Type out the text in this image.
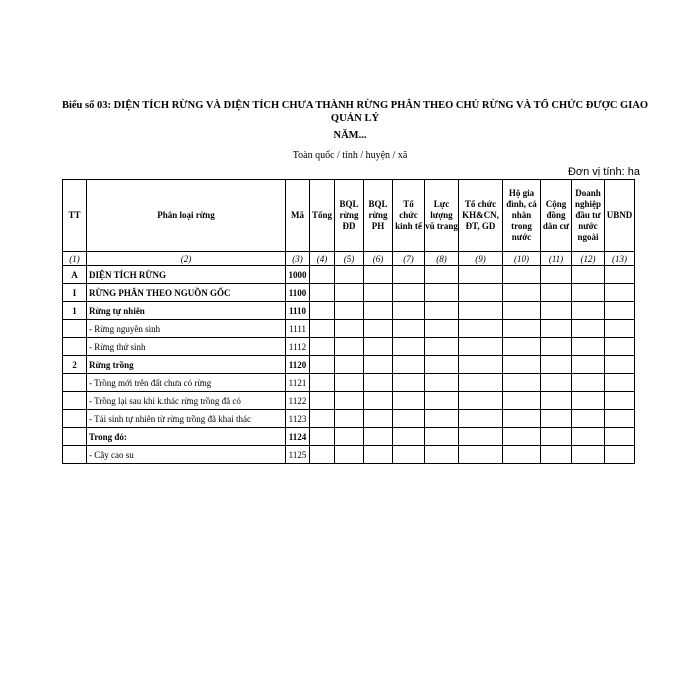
Biểu số 03: DIỆN TÍCH RỪNG VÀ DIỆN TÍCH CHƯA THÀNH RỪNG PHÂN THEO CHỦ RỪNG VÀ TỔ CHỨC ĐƯỢC GIAO QUẢN LÝ
NĂM...
Toàn quốc / tỉnh / huyện / xã
Đơn vị tính: ha
TT	Phân loại rừng	Mã	Tổng	BQL rừng ĐD	BQL rừng PH	Tổ chức kinh tế	Lực lượng vũ trang	Tổ chức KH&CN, ĐT, GD	Hộ gia đình, cá nhân trong nước	Cộng đồng dân cư	Doanh nghiệp đầu tư nước ngoài	UBND
(1)	(2)	(3)	(4)	(5)	(6)	(7)	(8)	(9)	(10)	(11)	(12)	(13)
A	DIỆN TÍCH RỪNG	1000										
I	RỪNG PHÂN THEO NGUỒN GỐC	1100										
1	Rừng tự nhiên	1110										
	- Rừng nguyên sinh	1111										
	- Rừng thứ sinh	1112										
2	Rừng trồng	1120										
	- Trồng mới trên đất chưa có rừng	1121										
	- Trồng lại sau khi k.thác rừng trồng đã có	1122										
	- Tái sinh tự nhiên từ rừng trồng đã khai thác	1123										
	Trong đó:	1124										
	- Cây cao su	1125										
